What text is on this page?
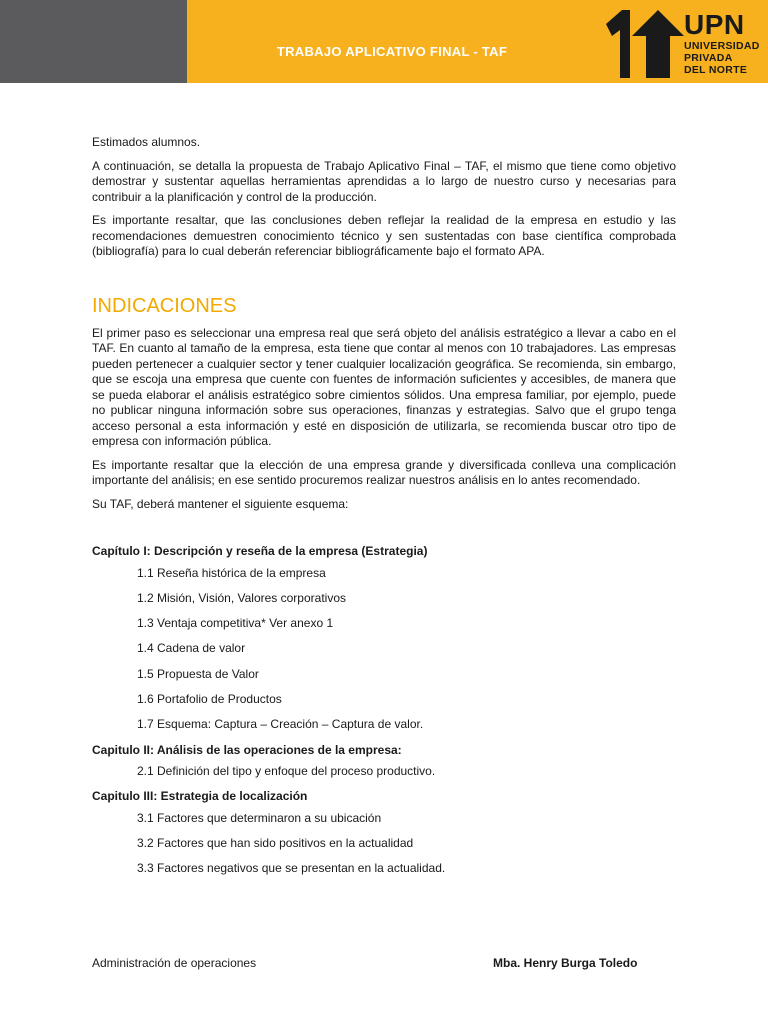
TRABAJO APLICATIVO FINAL - TAF
UPN
UNIVERSIDAD
PRIVADA
DEL NORTE

Estimados alumnos.

A continuación, se detalla la propuesta de Trabajo Aplicativo Final – TAF, el mismo que tiene como objetivo demostrar y sustentar aquellas herramientas aprendidas a lo largo de nuestro curso y necesarias para contribuir a la planificación y control de la producción.

Es importante resaltar, que las conclusiones deben reflejar la realidad de la empresa en estudio y las recomendaciones demuestren conocimiento técnico y sen sustentadas con base científica comprobada (bibliografía) para lo cual deberán referenciar bibliográficamente bajo el formato APA.

INDICACIONES

El primer paso es seleccionar una empresa real que será objeto del análisis estratégico a llevar a cabo en el TAF. En cuanto al tamaño de la empresa, esta tiene que contar al menos con 10 trabajadores. Las empresas pueden pertenecer a cualquier sector y tener cualquier localización geográfica. Se recomienda, sin embargo, que se escoja una empresa que cuente con fuentes de información suficientes y accesibles, de manera que se pueda elaborar el análisis estratégico sobre cimientos sólidos. Una empresa familiar, por ejemplo, puede no publicar ninguna información sobre sus operaciones, finanzas y estrategias. Salvo que el grupo tenga acceso personal a esta información y esté en disposición de utilizarla, se recomienda buscar otro tipo de empresa con información pública.

Es importante resaltar que la elección de una empresa grande y diversificada conlleva una complicación importante del análisis; en ese sentido procuremos realizar nuestros análisis en lo antes recomendado.

Su TAF, deberá mantener el siguiente esquema:

Capítulo I: Descripción y reseña de la empresa (Estrategia)
1.1 Reseña histórica de la empresa
1.2 Misión, Visión, Valores corporativos
1.3 Ventaja competitiva* Ver anexo 1
1.4 Cadena de valor
1.5 Propuesta de Valor
1.6 Portafolio de Productos
1.7 Esquema: Captura – Creación – Captura de valor.
Capitulo II: Análisis de las operaciones de la empresa:
2.1 Definición del tipo y enfoque del proceso productivo.
Capitulo III: Estrategia de localización
3.1 Factores que determinaron a su ubicación
3.2 Factores que han sido positivos en la actualidad
3.3 Factores negativos que se presentan en la actualidad.
Administración de operaciones	Mba. Henry Burga Toledo
